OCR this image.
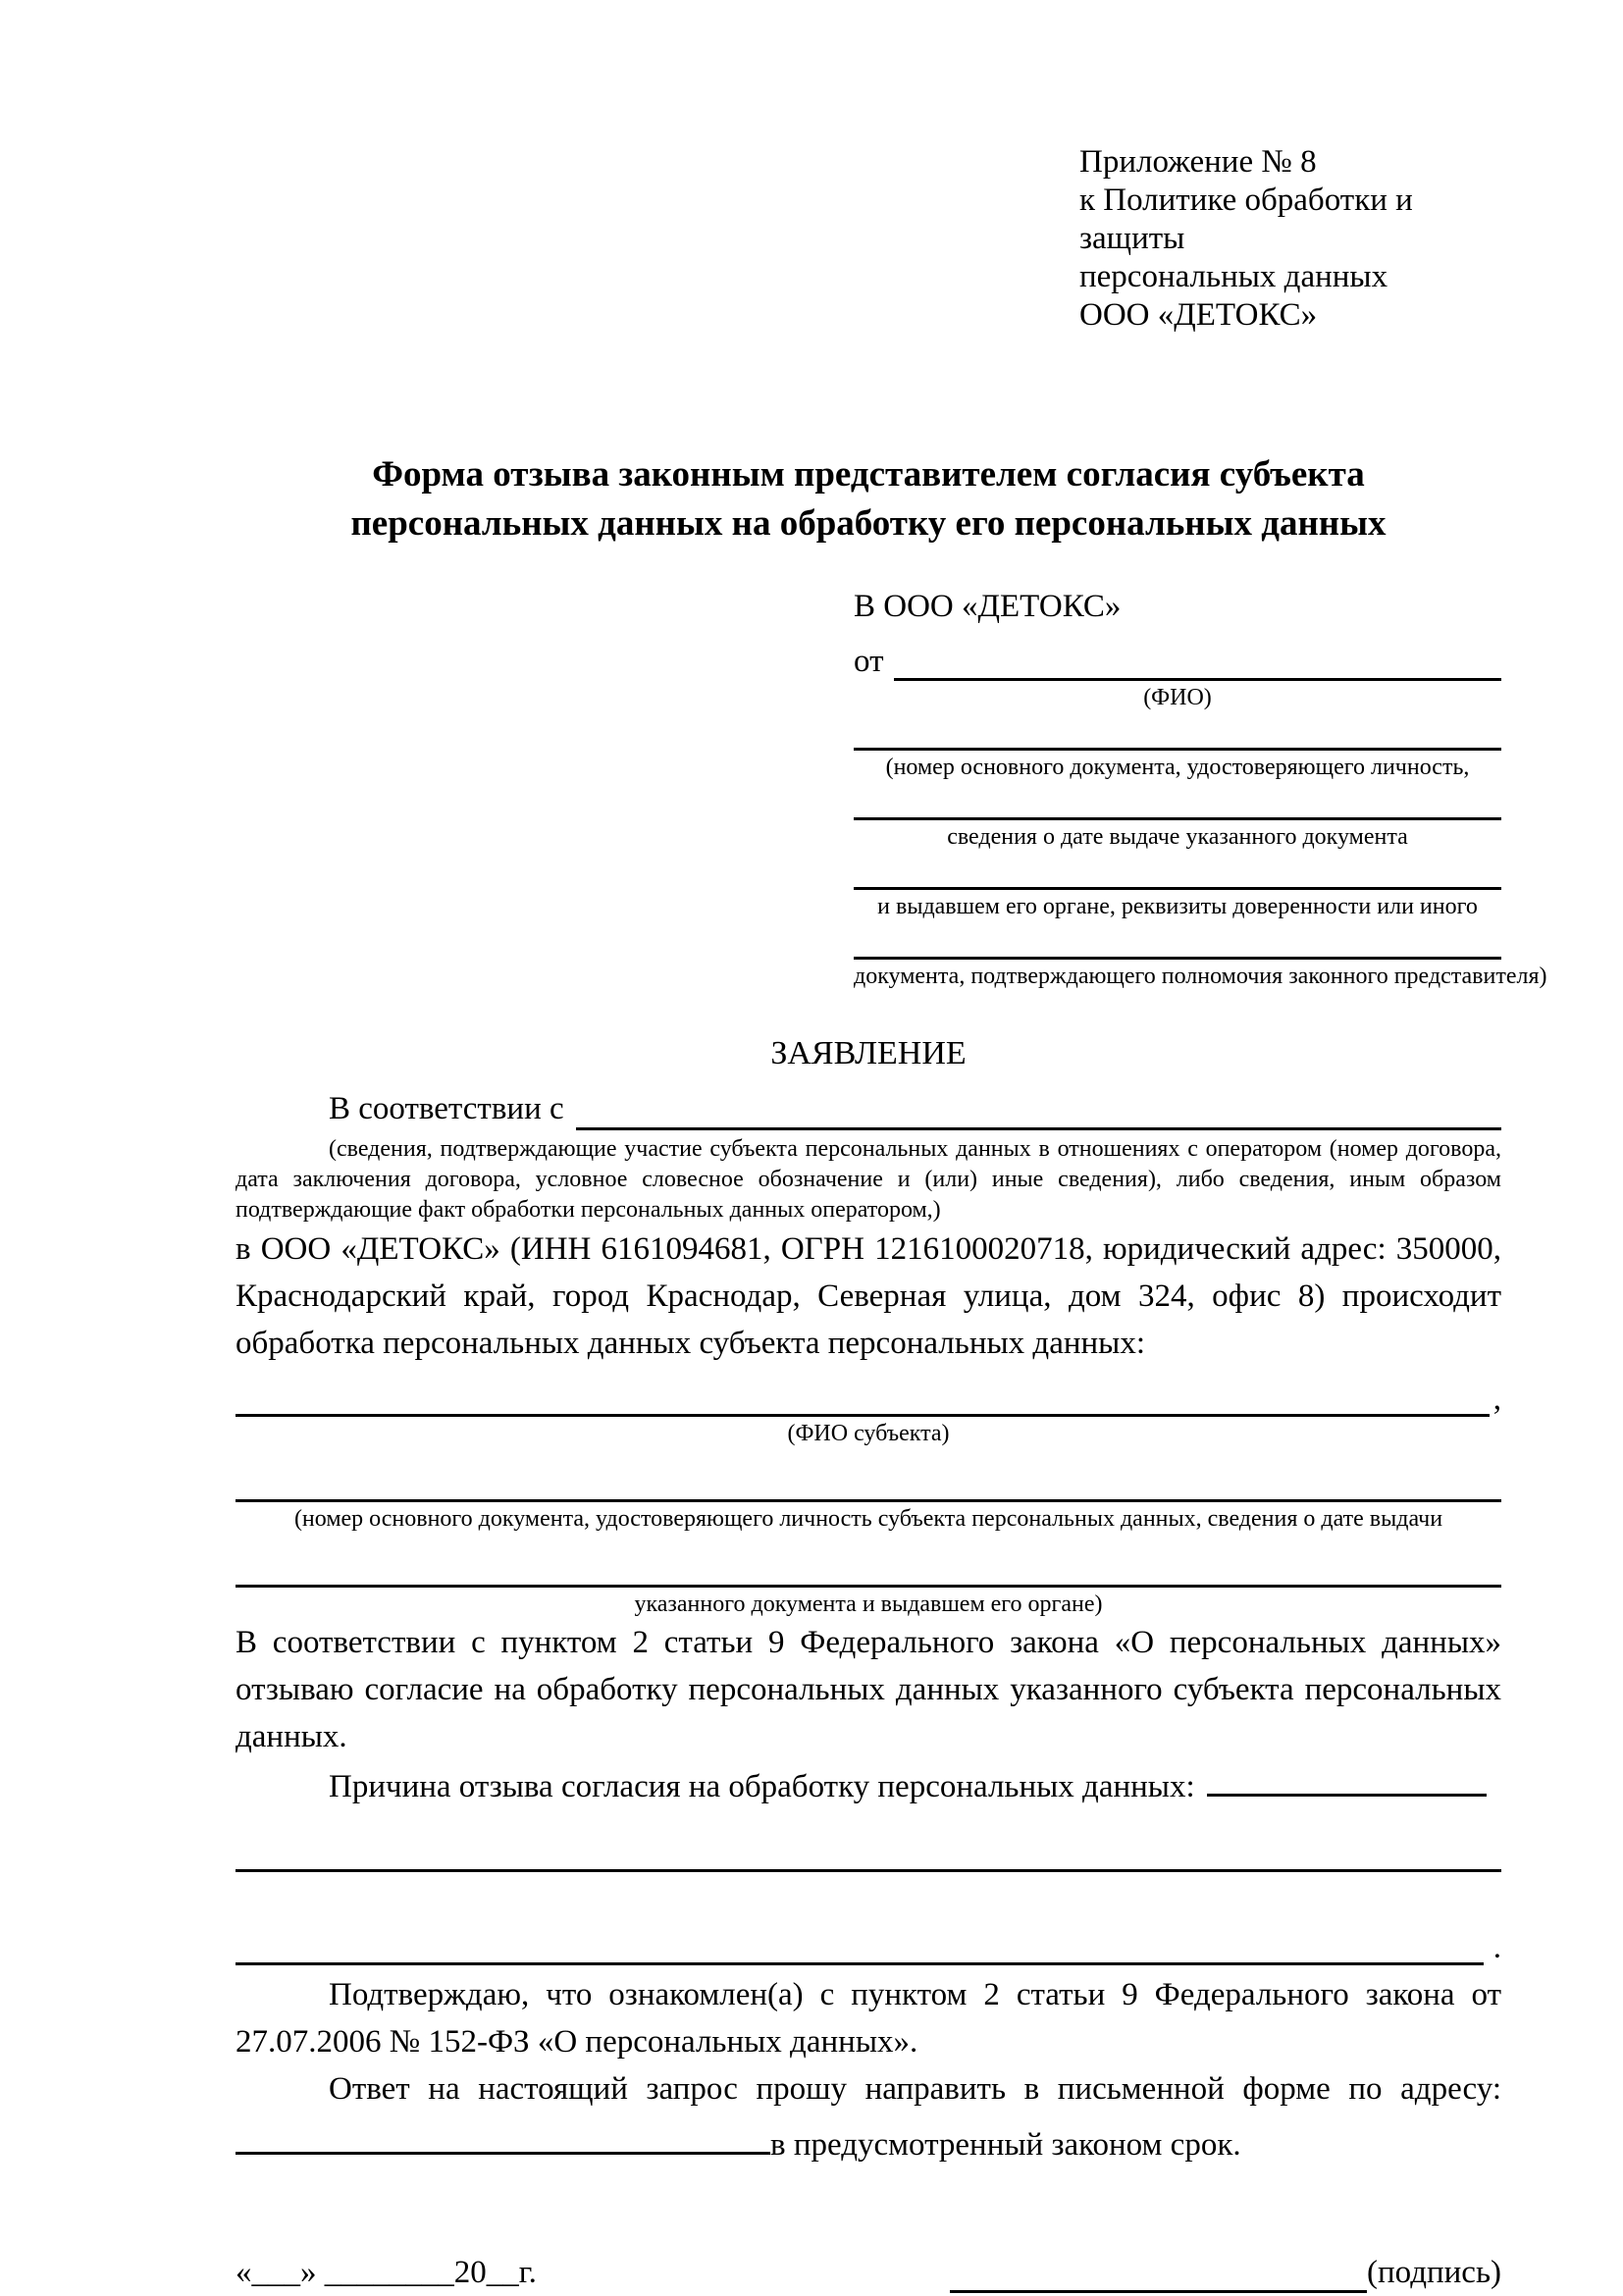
Приложение № 8
к Политике обработки и защиты
персональных данных
ООО «ДЕТОКС»
Форма отзыва законным представителем согласия субъекта
персональных данных на обработку его персональных данных
В ООО «ДЕТОКС»
от
(ФИО)
(номер основного документа, удостоверяющего личность,
сведения о дате выдаче указанного документа
и выдавшем его органе, реквизиты доверенности или иного
документа, подтверждающего полномочия законного представителя)
ЗАЯВЛЕНИЕ
В соответствии с
(сведения, подтверждающие участие субъекта персональных данных в отношениях с оператором (номер договора, дата заключения договора, условное словесное обозначение и (или) иные сведения), либо сведения, иным образом подтверждающие факт обработки персональных данных оператором,)

в ООО «ДЕТОКС» (ИНН 6161094681, ОГРН 1216100020718, юридический адрес: 350000, Краснодарский край, город Краснодар, Северная улица, дом 324, офис 8) происходит обработка персональных данных субъекта персональных данных:

,
(ФИО субъекта)
(номер основного документа, удостоверяющего личность субъекта персональных данных, сведения о дате выдачи
указанного документа и выдавшем его органе)

В соответствии с пунктом 2 статьи 9 Федерального закона «О персональных данных» отзываю согласие на обработку персональных данных указанного субъекта персональных данных.

Причина отзыва согласия на обработку персональных данных:

.

Подтверждаю, что ознакомлен(а) с пунктом 2 статьи 9 Федерального закона от 27.07.2006 № 152-ФЗ «О персональных данных».

Ответ на настоящий запрос прошу направить в письменной форме по адресу:

в предусмотренный законом срок.
«___» ________20__г.	(подпись)
